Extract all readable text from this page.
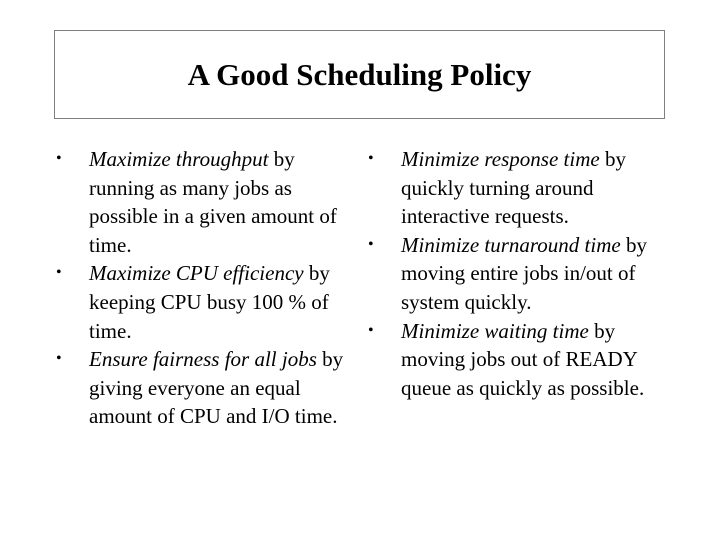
A Good Scheduling Policy
• Maximize throughput by running as many jobs as possible in a given amount of time.
• Maximize CPU efficiency by keeping CPU busy 100 % of time.
• Ensure fairness for all jobs by giving everyone an equal amount of CPU and I/O time.
• Minimize response time by quickly turning around interactive requests.
• Minimize turnaround time by moving entire jobs in/out of system quickly.
• Minimize waiting time by moving jobs out of READY queue as quickly as possible.
